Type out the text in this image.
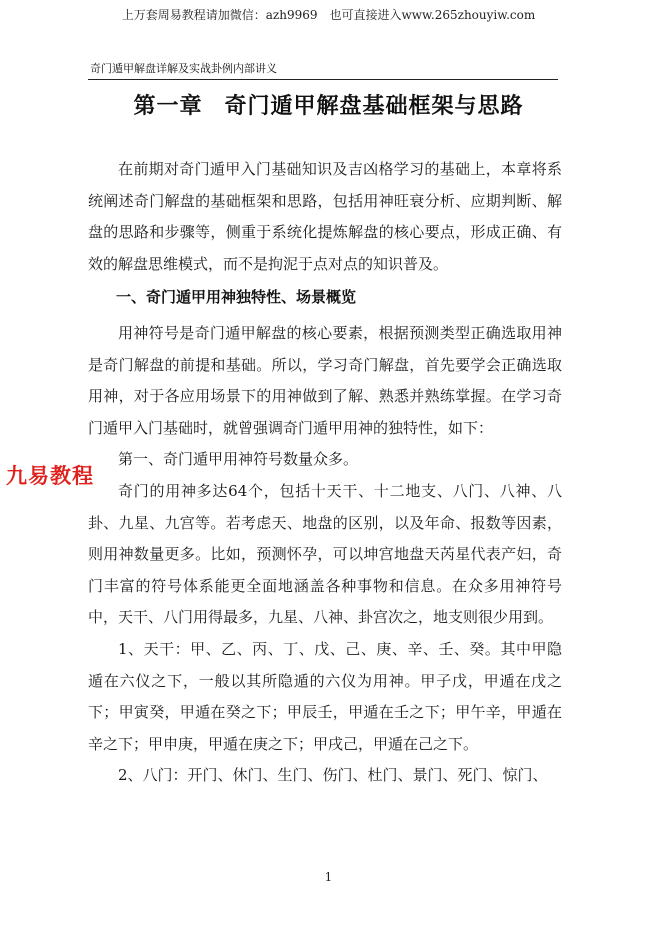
上万套周易教程请加微信：azh9969　也可直接进入www.265zhouyiw.com
奇门遁甲解盘详解及实战卦例内部讲义
第一章 奇门遁甲解盘基础框架与思路

在前期对奇门遁甲入门基础知识及吉凶格学习的基础上，本章将系统阐述奇门解盘的基础框架和思路，包括用神旺衰分析、应期判断、解盘的思路和步骤等，侧重于系统化提炼解盘的核心要点，形成正确、有效的解盘思维模式，而不是拘泥于点对点的知识普及。

一、奇门遁甲用神独特性、场景概览

用神符号是奇门遁甲解盘的核心要素，根据预测类型正确选取用神是奇门解盘的前提和基础。所以，学习奇门解盘，首先要学会正确选取用神，对于各应用场景下的用神做到了解、熟悉并熟练掌握。在学习奇门遁甲入门基础时，就曾强调奇门遁甲用神的独特性，如下：

第一、奇门遁甲用神符号数量众多。

奇门的用神多达64个，包括十天干、十二地支、八门、八神、八卦、九星、九宫等。若考虑天、地盘的区别，以及年命、报数等因素，则用神数量更多。比如，预测怀孕，可以坤宫地盘天芮星代表产妇，奇门丰富的符号体系能更全面地涵盖各种事物和信息。在众多用神符号中，天干、八门用得最多，九星、八神、卦宫次之，地支则很少用到。

1、天干：甲、乙、丙、丁、戊、己、庚、辛、壬、癸。其中甲隐遁在六仪之下，一般以其所隐遁的六仪为用神。甲子戊，甲遁在戊之下；甲寅癸，甲遁在癸之下；甲辰壬，甲遁在壬之下；甲午辛，甲遁在辛之下；甲申庚，甲遁在庚之下；甲戌己，甲遁在己之下。

2、八门：开门、休门、生门、伤门、杜门、景门、死门、惊门、

九易教程
1
